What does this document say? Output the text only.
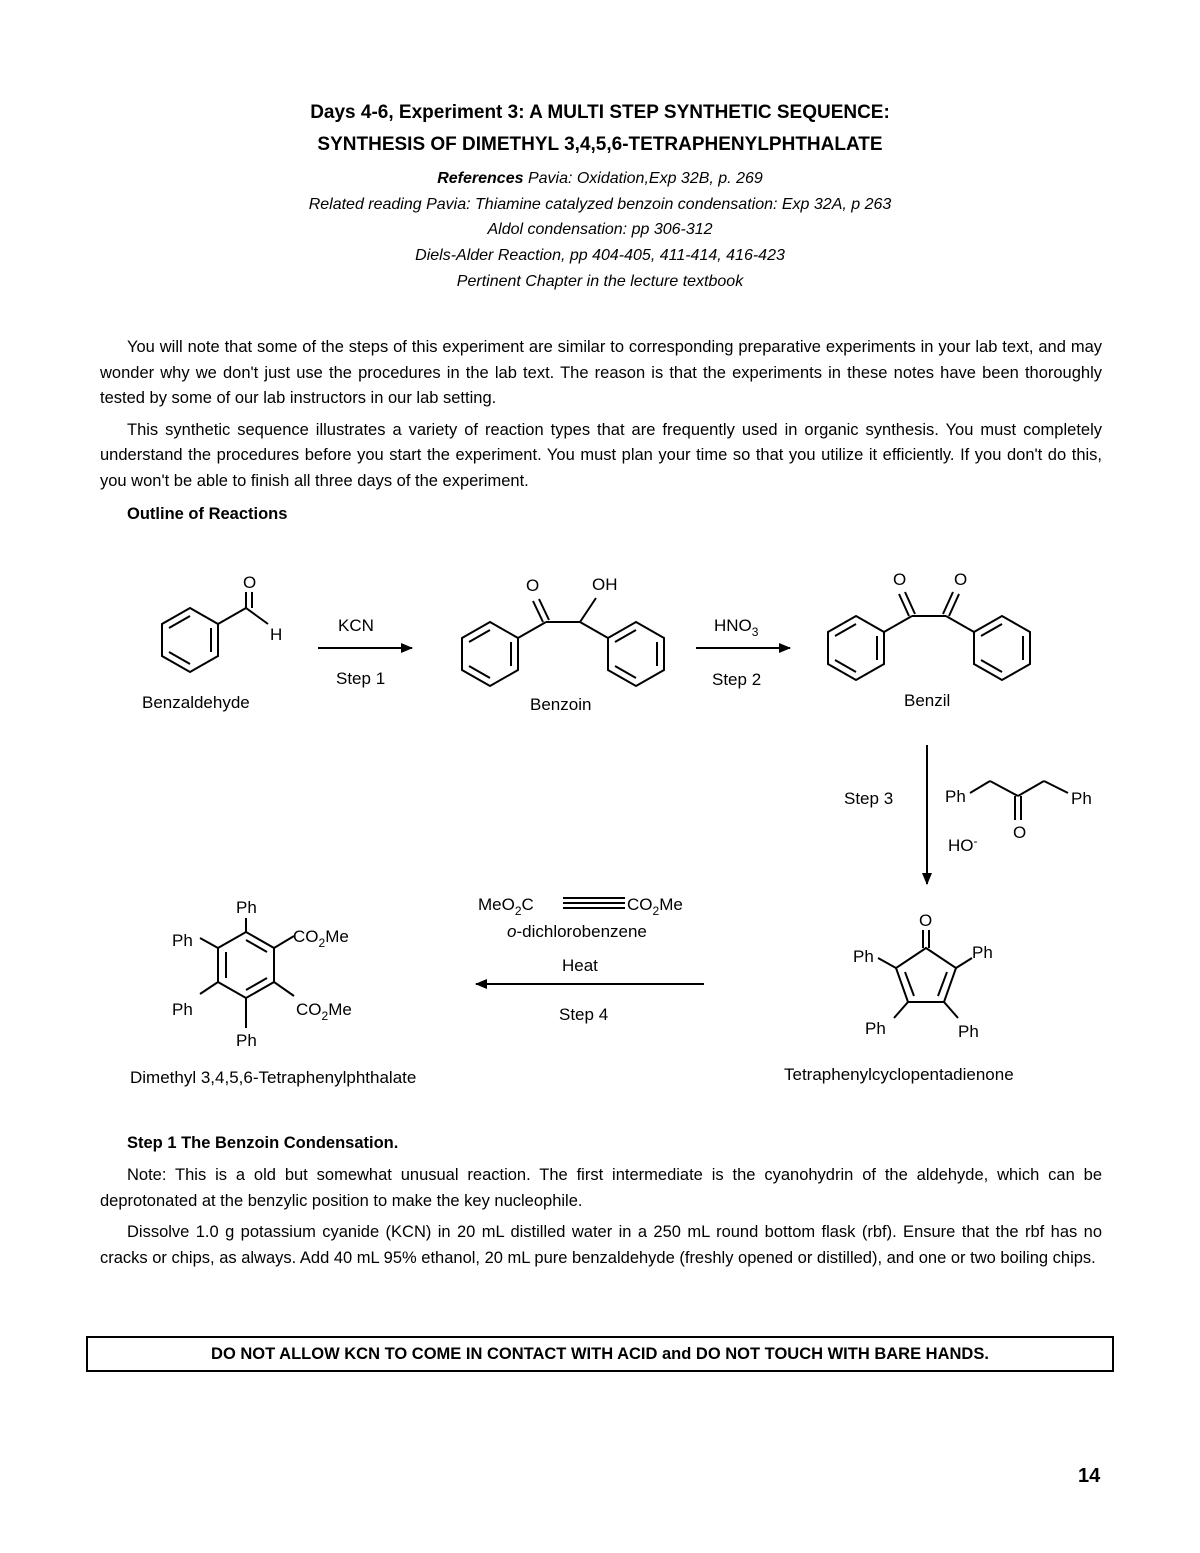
Days 4-6, Experiment 3: A MULTI STEP SYNTHETIC SEQUENCE:
SYNTHESIS OF DIMETHYL 3,4,5,6-TETRAPHENYLPHTHALATE
References Pavia: Oxidation,Exp 32B, p. 269
Related reading Pavia: Thiamine catalyzed benzoin condensation: Exp 32A, p 263
Aldol condensation: pp 306-312
Diels-Alder Reaction, pp 404-405, 411-414, 416-423
Pertinent Chapter in the lecture textbook

You will note that some of the steps of this experiment are similar to corresponding preparative experiments in your lab text, and may wonder why we don't just use the procedures in the lab text. The reason is that the experiments in these notes have been thoroughly tested by some of our lab instructors in our lab setting.

This synthetic sequence illustrates a variety of reaction types that are frequently used in organic synthesis. You must completely understand the procedures before you start the experiment. You must plan your time so that you utilize it efficiently. If you don't do this, you won't be able to finish all three days of the experiment.

Outline of Reactions
O
H
Benzaldehyde
KCN
Step 1
O	OH
Benzoin
$HNO_3$
Step 2
O	O
Benzil
Step 3	Ph	Ph
O
HO-
O
Ph	Ph
Ph	Ph
Tetraphenylcyclopentadienone
MeO$_2$C	$CO_2Me$
o-dichlorobenzene
Heat
Step 4
Ph
Ph
Ph
Ph
$CO_2Me$
$CO_2Me$
Dimethyl 3,4,5,6-Tetraphenylphthalate
Step 1 The Benzoin Condensation.

Note: This is a old but somewhat unusual reaction. The first intermediate is the cyanohydrin of the aldehyde, which can be deprotonated at the benzylic position to make the key nucleophile.

Dissolve 1.0 g potassium cyanide (KCN) in 20 mL distilled water in a 250 mL round bottom flask (rbf). Ensure that the rbf has no cracks or chips, as always. Add 40 mL 95% ethanol, 20 mL pure benzaldehyde (freshly opened or distilled), and one or two boiling chips.

DO NOT ALLOW KCN TO COME IN CONTACT WITH ACID and DO NOT TOUCH WITH BARE HANDS.
14
